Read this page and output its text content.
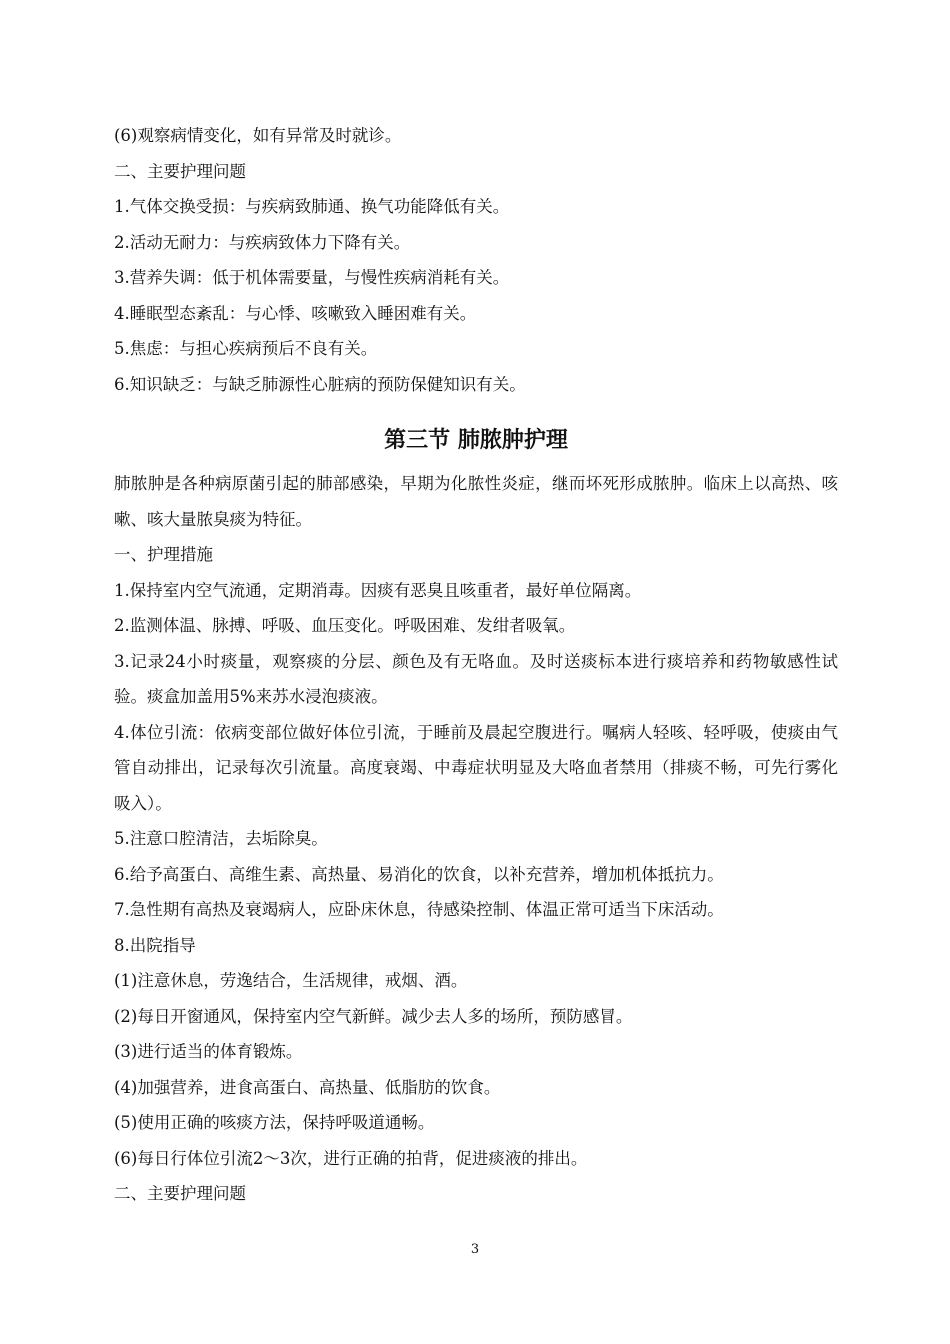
(6)观察病情变化，如有异常及时就诊。
二、主要护理问题
1.气体交换受损：与疾病致肺通、换气功能降低有关。
2.活动无耐力：与疾病致体力下降有关。
3.营养失调：低于机体需要量，与慢性疾病消耗有关。
4.睡眠型态紊乱：与心悸、咳嗽致入睡困难有关。
5.焦虑：与担心疾病预后不良有关。
6.知识缺乏：与缺乏肺源性心脏病的预防保健知识有关。
第三节 肺脓肿护理
肺脓肿是各种病原菌引起的肺部感染，早期为化脓性炎症，继而坏死形成脓肿。临床上以高热、咳嗽、咳大量脓臭痰为特征。
一、护理措施
1.保持室内空气流通，定期消毒。因痰有恶臭且咳重者，最好单位隔离。
2.监测体温、脉搏、呼吸、血压变化。呼吸困难、发绀者吸氧。
3.记录24小时痰量，观察痰的分层、颜色及有无咯血。及时送痰标本进行痰培养和药物敏感性试验。痰盒加盖用5%来苏水浸泡痰液。
4.体位引流：依病变部位做好体位引流，于睡前及晨起空腹进行。嘱病人轻咳、轻呼吸，使痰由气管自动排出，记录每次引流量。高度衰竭、中毒症状明显及大咯血者禁用（排痰不畅，可先行雾化吸入）。
5.注意口腔清洁，去垢除臭。
6.给予高蛋白、高维生素、高热量、易消化的饮食，以补充营养，增加机体抵抗力。
7.急性期有高热及衰竭病人，应卧床休息，待感染控制、体温正常可适当下床活动。
8.出院指导
(1)注意休息，劳逸结合，生活规律，戒烟、酒。
(2)每日开窗通风，保持室内空气新鲜。减少去人多的场所，预防感冒。
(3)进行适当的体育锻炼。
(4)加强营养，进食高蛋白、高热量、低脂肪的饮食。
(5)使用正确的咳痰方法，保持呼吸道通畅。
(6)每日行体位引流2～3次，进行正确的拍背，促进痰液的排出。
二、主要护理问题
3
